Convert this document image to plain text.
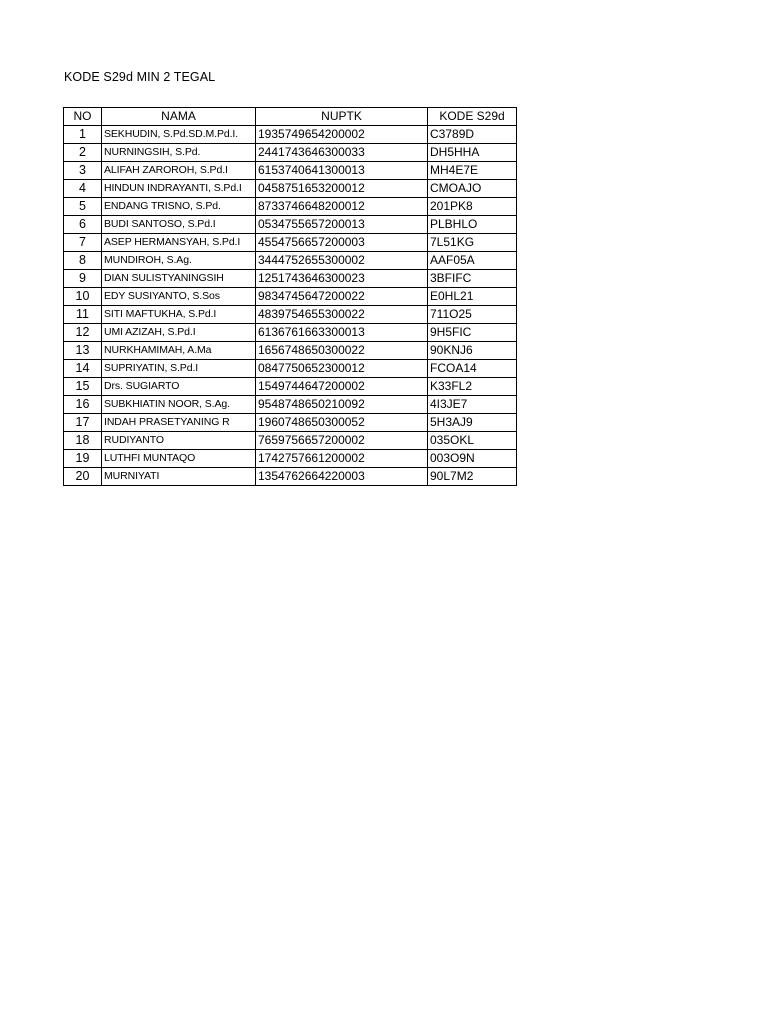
KODE S29d MIN 2 TEGAL
NO	NAMA	NUPTK	KODE S29d
1	SEKHUDIN, S.Pd.SD.M.Pd.I.	1935749654200002	C3789D
2	NURNINGSIH, S.Pd.	2441743646300033	DH5HHA
3	ALIFAH ZAROROH, S.Pd.I	6153740641300013	MH4E7E
4	HINDUN INDRAYANTI, S.Pd.I	0458751653200012	CMOAJO
5	ENDANG TRISNO, S.Pd.	8733746648200012	201PK8
6	BUDI SANTOSO, S.Pd.I	0534755657200013	PLBHLO
7	ASEP HERMANSYAH, S.Pd.I	4554756657200003	7L51KG
8	MUNDIROH, S.Ag.	3444752655300002	AAF05A
9	DIAN SULISTYANINGSIH	1251743646300023	3BFIFC
10	EDY SUSIYANTO, S.Sos	9834745647200022	E0HL21
11	SITI MAFTUKHA, S.Pd.I	4839754655300022	711O25
12	UMI AZIZAH, S.Pd.I	6136761663300013	9H5FIC
13	NURKHAMIMAH, A.Ma	1656748650300022	90KNJ6
14	SUPRIYATIN, S.Pd.I	0847750652300012	FCOA14
15	Drs. SUGIARTO	1549744647200002	K33FL2
16	SUBKHIATIN NOOR, S.Ag.	9548748650210092	4I3JE7
17	INDAH PRASETYANING R	1960748650300052	5H3AJ9
18	RUDIYANTO	7659756657200002	035OKL
19	LUTHFI MUNTAQO	1742757661200002	003O9N
20	MURNIYATI	1354762664220003	90L7M2
